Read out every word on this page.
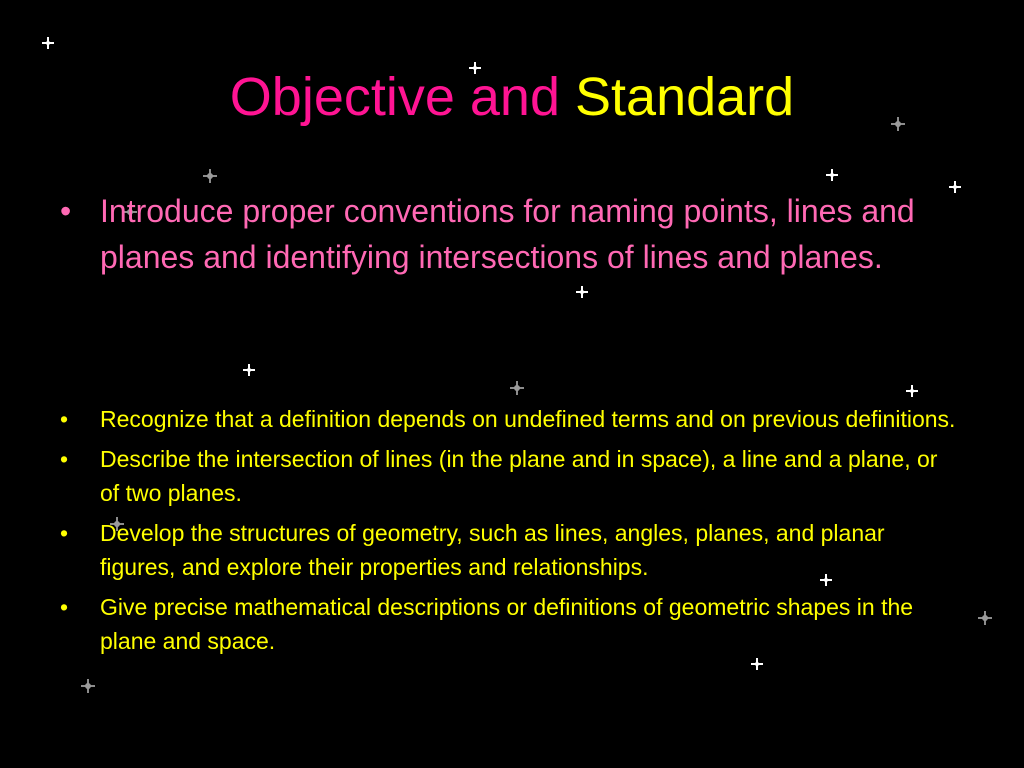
Objective and Standard
• Introduce proper conventions for naming points, lines and planes and identifying intersections of lines and planes.
• Recognize that a definition depends on undefined terms and on previous definitions.
• Describe the intersection of lines (in the plane and in space), a line and a plane, or of two planes.
• Develop the structures of geometry, such as lines, angles, planes, and planar figures, and explore their properties and relationships.
• Give precise mathematical descriptions or definitions of geometric shapes in the plane and space.
